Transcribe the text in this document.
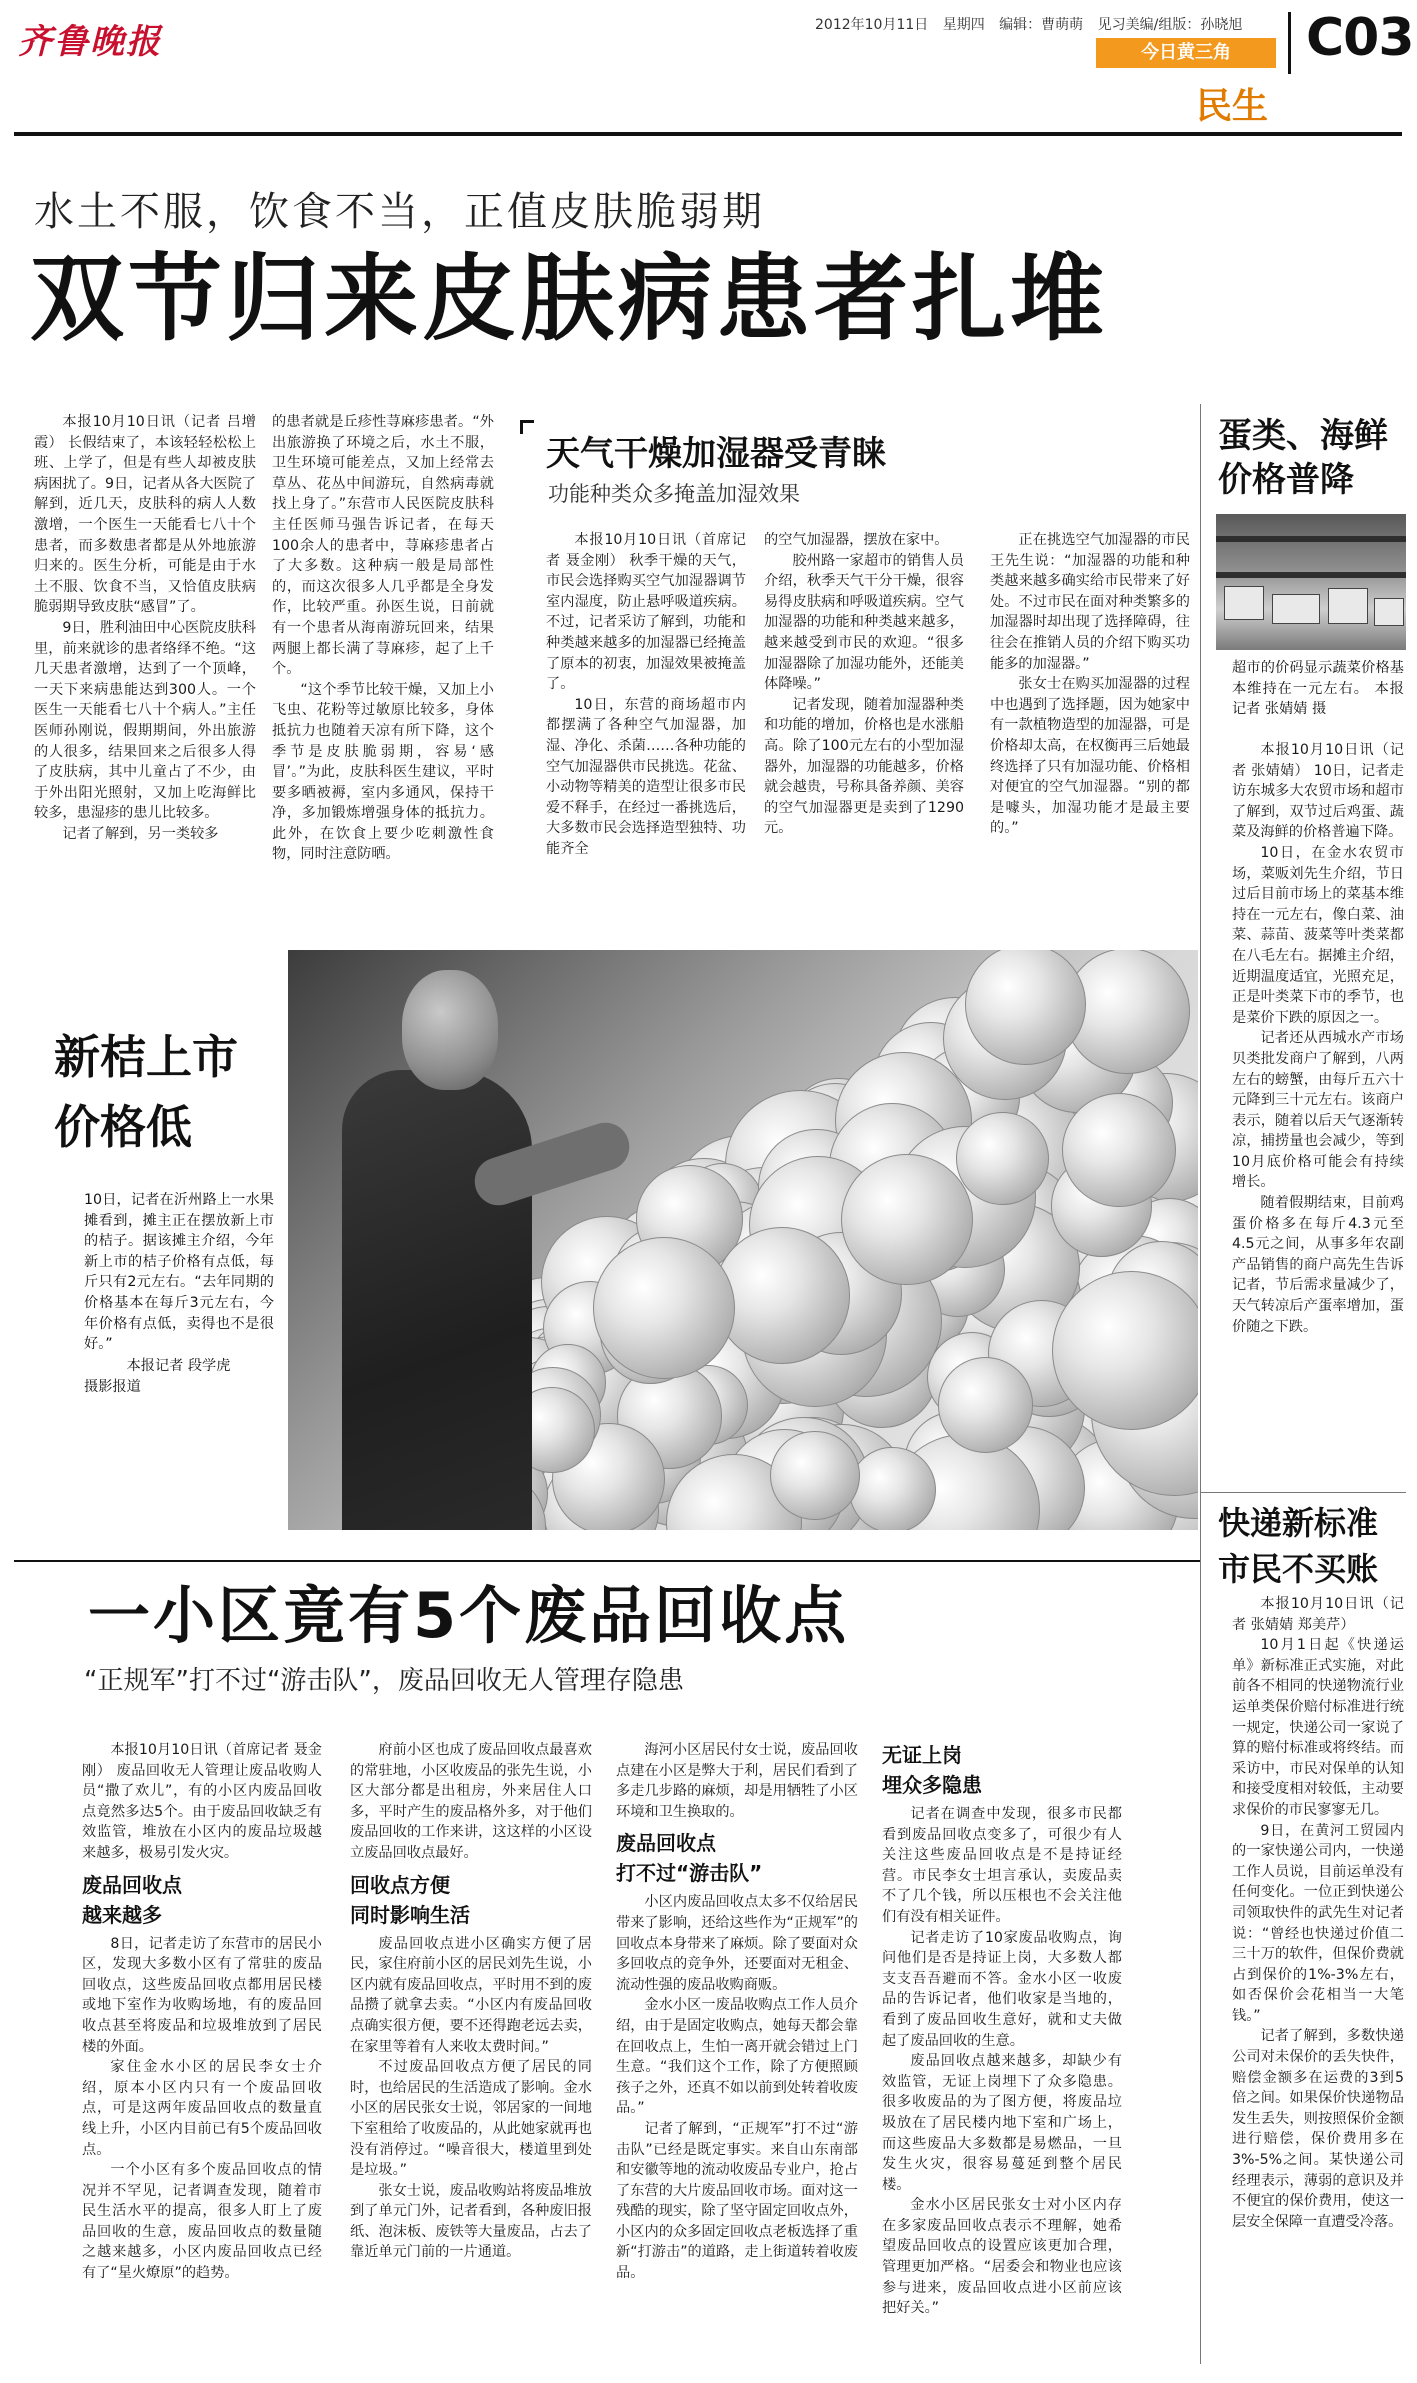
齐鲁晚报	2012年10月11日 星期四 编辑：曹萌萌 见习美编/组版：孙晓旭
今日黄三角	C03
民生
水土不服，饮食不当，正值皮肤脆弱期
双节归来皮肤病患者扎堆

本报10月10日讯（记者 吕增霞） 长假结束了，本该轻轻松松上班、上学了，但是有些人却被皮肤病困扰了。9日，记者从各大医院了解到，近几天，皮肤科的病人人数激增，一个医生一天能看七八十个患者，而多数患者都是从外地旅游归来的。医生分析，可能是由于水土不服、饮食不当，又恰值皮肤病脆弱期导致皮肤“感冒”了。

9日，胜利油田中心医院皮肤科里，前来就诊的患者络绎不绝。“这几天患者激增，达到了一个顶峰，一天下来病患能达到300人。一个医生一天能看七八十个病人。”主任医师孙刚说，假期期间，外出旅游的人很多，结果回来之后很多人得了皮肤病，其中儿童占了不少，由于外出阳光照射，又加上吃海鲜比较多，患湿疹的患儿比较多。

记者了解到，另一类较多

的患者就是丘疹性荨麻疹患者。“外出旅游换了环境之后，水土不服，卫生环境可能差点，又加上经常去草丛、花丛中间游玩，自然病毒就找上身了。”东营市人民医院皮肤科主任医师马强告诉记者，在每天100余人的患者中，荨麻疹患者占了大多数。这种病一般是局部性的，而这次很多人几乎都是全身发作，比较严重。孙医生说，日前就有一个患者从海南游玩回来，结果两腿上都长满了荨麻疹，起了上千个。

“这个季节比较干燥，又加上小飞虫、花粉等过敏原比较多，身体抵抗力也随着天凉有所下降，这个季节是皮肤脆弱期，容易‘感冒’。”为此，皮肤科医生建议，平时要多晒被褥，室内多通风，保持干净，多加锻炼增强身体的抵抗力。此外，在饮食上要少吃刺激性食物，同时注意防晒。

天气干燥加湿器受青睐
功能种类众多掩盖加湿效果

本报10月10日讯（首席记者 聂金刚） 秋季干燥的天气，市民会选择购买空气加湿器调节室内湿度，防止悬呼吸道疾病。不过，记者采访了解到，功能和种类越来越多的加湿器已经掩盖了原本的初衷，加湿效果被掩盖了。

10日，东营的商场超市内都摆满了各种空气加湿器，加湿、净化、杀菌……各种功能的空气加湿器供市民挑选。花盆、小动物等精美的造型让很多市民爱不释手，在经过一番挑选后，大多数市民会选择造型独特、功能齐全

的空气加湿器，摆放在家中。

胶州路一家超市的销售人员介绍，秋季天气干分干燥，很容易得皮肤病和呼吸道疾病。空气加湿器的功能和种类越来越多，越来越受到市民的欢迎。“很多加湿器除了加湿功能外，还能美体降噪。”

记者发现，随着加湿器种类和功能的增加，价格也是水涨船高。除了100元左右的小型加湿器外，加湿器的功能越多，价格就会越贵，号称具备养颜、美容的空气加湿器更是卖到了1290元。

正在挑选空气加湿器的市民王先生说：“加湿器的功能和种类越来越多确实给市民带来了好处。不过市民在面对种类繁多的加湿器时却出现了选择障碍，往往会在推销人员的介绍下购买功能多的加湿器。”

张女士在购买加湿器的过程中也遇到了选择题，因为她家中有一款植物造型的加湿器，可是价格却太高，在权衡再三后她最终选择了只有加湿功能、价格相对便宜的空气加湿器。“别的都是噱头，加湿功能才是最主要的。”

蛋类、海鲜
价格普降
超市的价码显示蔬菜价格基本维持在一元左右。 本报记者 张婧婧 摄

本报10月10日讯（记者 张婧婧） 10日，记者走访东城多大农贸市场和超市了解到，双节过后鸡蛋、蔬菜及海鲜的价格普遍下降。

10日，在金水农贸市场，菜贩刘先生介绍，节日过后目前市场上的菜基本维持在一元左右，像白菜、油菜、蒜苗、菠菜等叶类菜都在八毛左右。据摊主介绍，近期温度适宜，光照充足，正是叶类菜下市的季节，也是菜价下跌的原因之一。

记者还从西城水产市场贝类批发商户了解到，八两左右的螃蟹，由每斤五六十元降到三十元左右。该商户表示，随着以后天气逐渐转凉，捕捞量也会减少，等到10月底价格可能会有持续增长。

随着假期结束，目前鸡蛋价格多在每斤4.3元至4.5元之间，从事多年农副产品销售的商户高先生告诉记者，节后需求量减少了，天气转凉后产蛋率增加，蛋价随之下跌。

快递新标准
市民不买账

本报10月10日讯（记者 张婧婧 郑美芹）

10月1日起《快递运单》新标准正式实施，对此前各不相同的快递物流行业运单类保价赔付标准进行统一规定，快递公司一家说了算的赔付标准或将终结。而采访中，市民对保单的认知和接受度相对较低，主动要求保价的市民寥寥无几。

9日，在黄河工贸园内的一家快递公司内，一快递工作人员说，目前运单没有任何变化。一位正到快递公司领取快件的武先生对记者说：“曾经也快递过价值二三十万的软件，但保价费就占到保价的1%-3%左右，如否保价会花相当一大笔钱。”

记者了解到，多数快递公司对未保价的丢失快件，赔偿金额多在运费的3到5倍之间。如果保价快递物品发生丢失，则按照保价金额进行赔偿，保价费用多在3%-5%之间。某快递公司经理表示，薄弱的意识及并不便宜的保价费用，使这一层安全保障一直遭受冷落。

新桔上市
价格低
10日，记者在沂州路上一水果摊看到，摊主正在摆放新上市的桔子。据该摊主介绍，今年新上市的桔子价格有点低，每斤只有2元左右。“去年同期的价格基本在每斤3元左右，今年价格有点低，卖得也不是很好。”
本报记者 段学虎
摄影报道
一小区竟有5个废品回收点
“正规军”打不过“游击队”，废品回收无人管理存隐患

本报10月10日讯（首席记者 聂金刚） 废品回收无人管理让废品收购人员“撒了欢儿”，有的小区内废品回收点竟然多达5个。由于废品回收缺乏有效监管，堆放在小区内的废品垃圾越来越多，极易引发火灾。

废品回收点
越来越多

8日，记者走访了东营市的居民小区，发现大多数小区有了常驻的废品回收点，这些废品回收点都用居民楼或地下室作为收购场地，有的废品回收点甚至将废品和垃圾堆放到了居民楼的外面。

家住金水小区的居民李女士介绍，原本小区内只有一个废品回收点，可是这两年废品回收点的数量直线上升，小区内目前已有5个废品回收点。

一个小区有多个废品回收点的情况并不罕见，记者调查发现，随着市民生活水平的提高，很多人盯上了废品回收的生意，废品回收点的数量随之越来越多，小区内废品回收点已经有了“星火燎原”的趋势。

府前小区也成了废品回收点最喜欢的常驻地，小区收废品的张先生说，小区大部分都是出租房，外来居住人口多，平时产生的废品格外多，对于他们废品回收的工作来讲，这这样的小区设立废品回收点最好。

回收点方便
同时影响生活

废品回收点进小区确实方便了居民，家住府前小区的居民刘先生说，小区内就有废品回收点，平时用不到的废品攒了就拿去卖。“小区内有废品回收点确实很方便，要不还得跑老远去卖，在家里等着有人来收太费时间。”

不过废品回收点方便了居民的同时，也给居民的生活造成了影响。金水小区的居民张女士说，邻居家的一间地下室租给了收废品的，从此她家就再也没有消停过。“噪音很大，楼道里到处是垃圾。”

张女士说，废品收购站将废品堆放到了单元门外，记者看到，各种废旧报纸、泡沫板、废铁等大量废品，占去了靠近单元门前的一片通道。

海河小区居民付女士说，废品回收点建在小区是弊大于利，居民们看到了多走几步路的麻烦，却是用牺牲了小区环境和卫生换取的。

废品回收点
打不过“游击队”

小区内废品回收点太多不仅给居民带来了影响，还给这些作为“正规军”的回收点本身带来了麻烦。除了要面对众多回收点的竞争外，还要面对无租金、流动性强的废品收购商贩。

金水小区一废品收购点工作人员介绍，由于是固定收购点，她每天都会靠在回收点上，生怕一离开就会错过上门生意。“我们这个工作，除了方便照顾孩子之外，还真不如以前到处转着收废品。”

记者了解到，“正规军”打不过“游击队”已经是既定事实。来自山东南部和安徽等地的流动收废品专业户，抢占了东营的大片废品回收市场。面对这一残酷的现实，除了坚守固定回收点外，小区内的众多固定回收点老板选择了重新“打游击”的道路，走上街道转着收废品。

无证上岗
埋众多隐患

记者在调查中发现，很多市民都看到废品回收点变多了，可很少有人关注这些废品回收点是不是持证经营。市民李女士坦言承认，卖废品卖不了几个钱，所以压根也不会关注他们有没有相关证件。

记者走访了10家废品收购点，询问他们是否是持证上岗，大多数人都支支吾吾避而不答。金水小区一收废品的告诉记者，他们收家是当地的，看到了废品回收生意好，就和丈夫做起了废品回收的生意。

废品回收点越来越多，却缺少有效监管，无证上岗埋下了众多隐患。很多收废品的为了图方便，将废品垃圾放在了居民楼内地下室和广场上，而这些废品大多数都是易燃品，一旦发生火灾，很容易蔓延到整个居民楼。

金水小区居民张女士对小区内存在多家废品回收点表示不理解，她希望废品回收点的设置应该更加合理，管理更加严格。“居委会和物业也应该参与进来，废品回收点进小区前应该把好关。”
